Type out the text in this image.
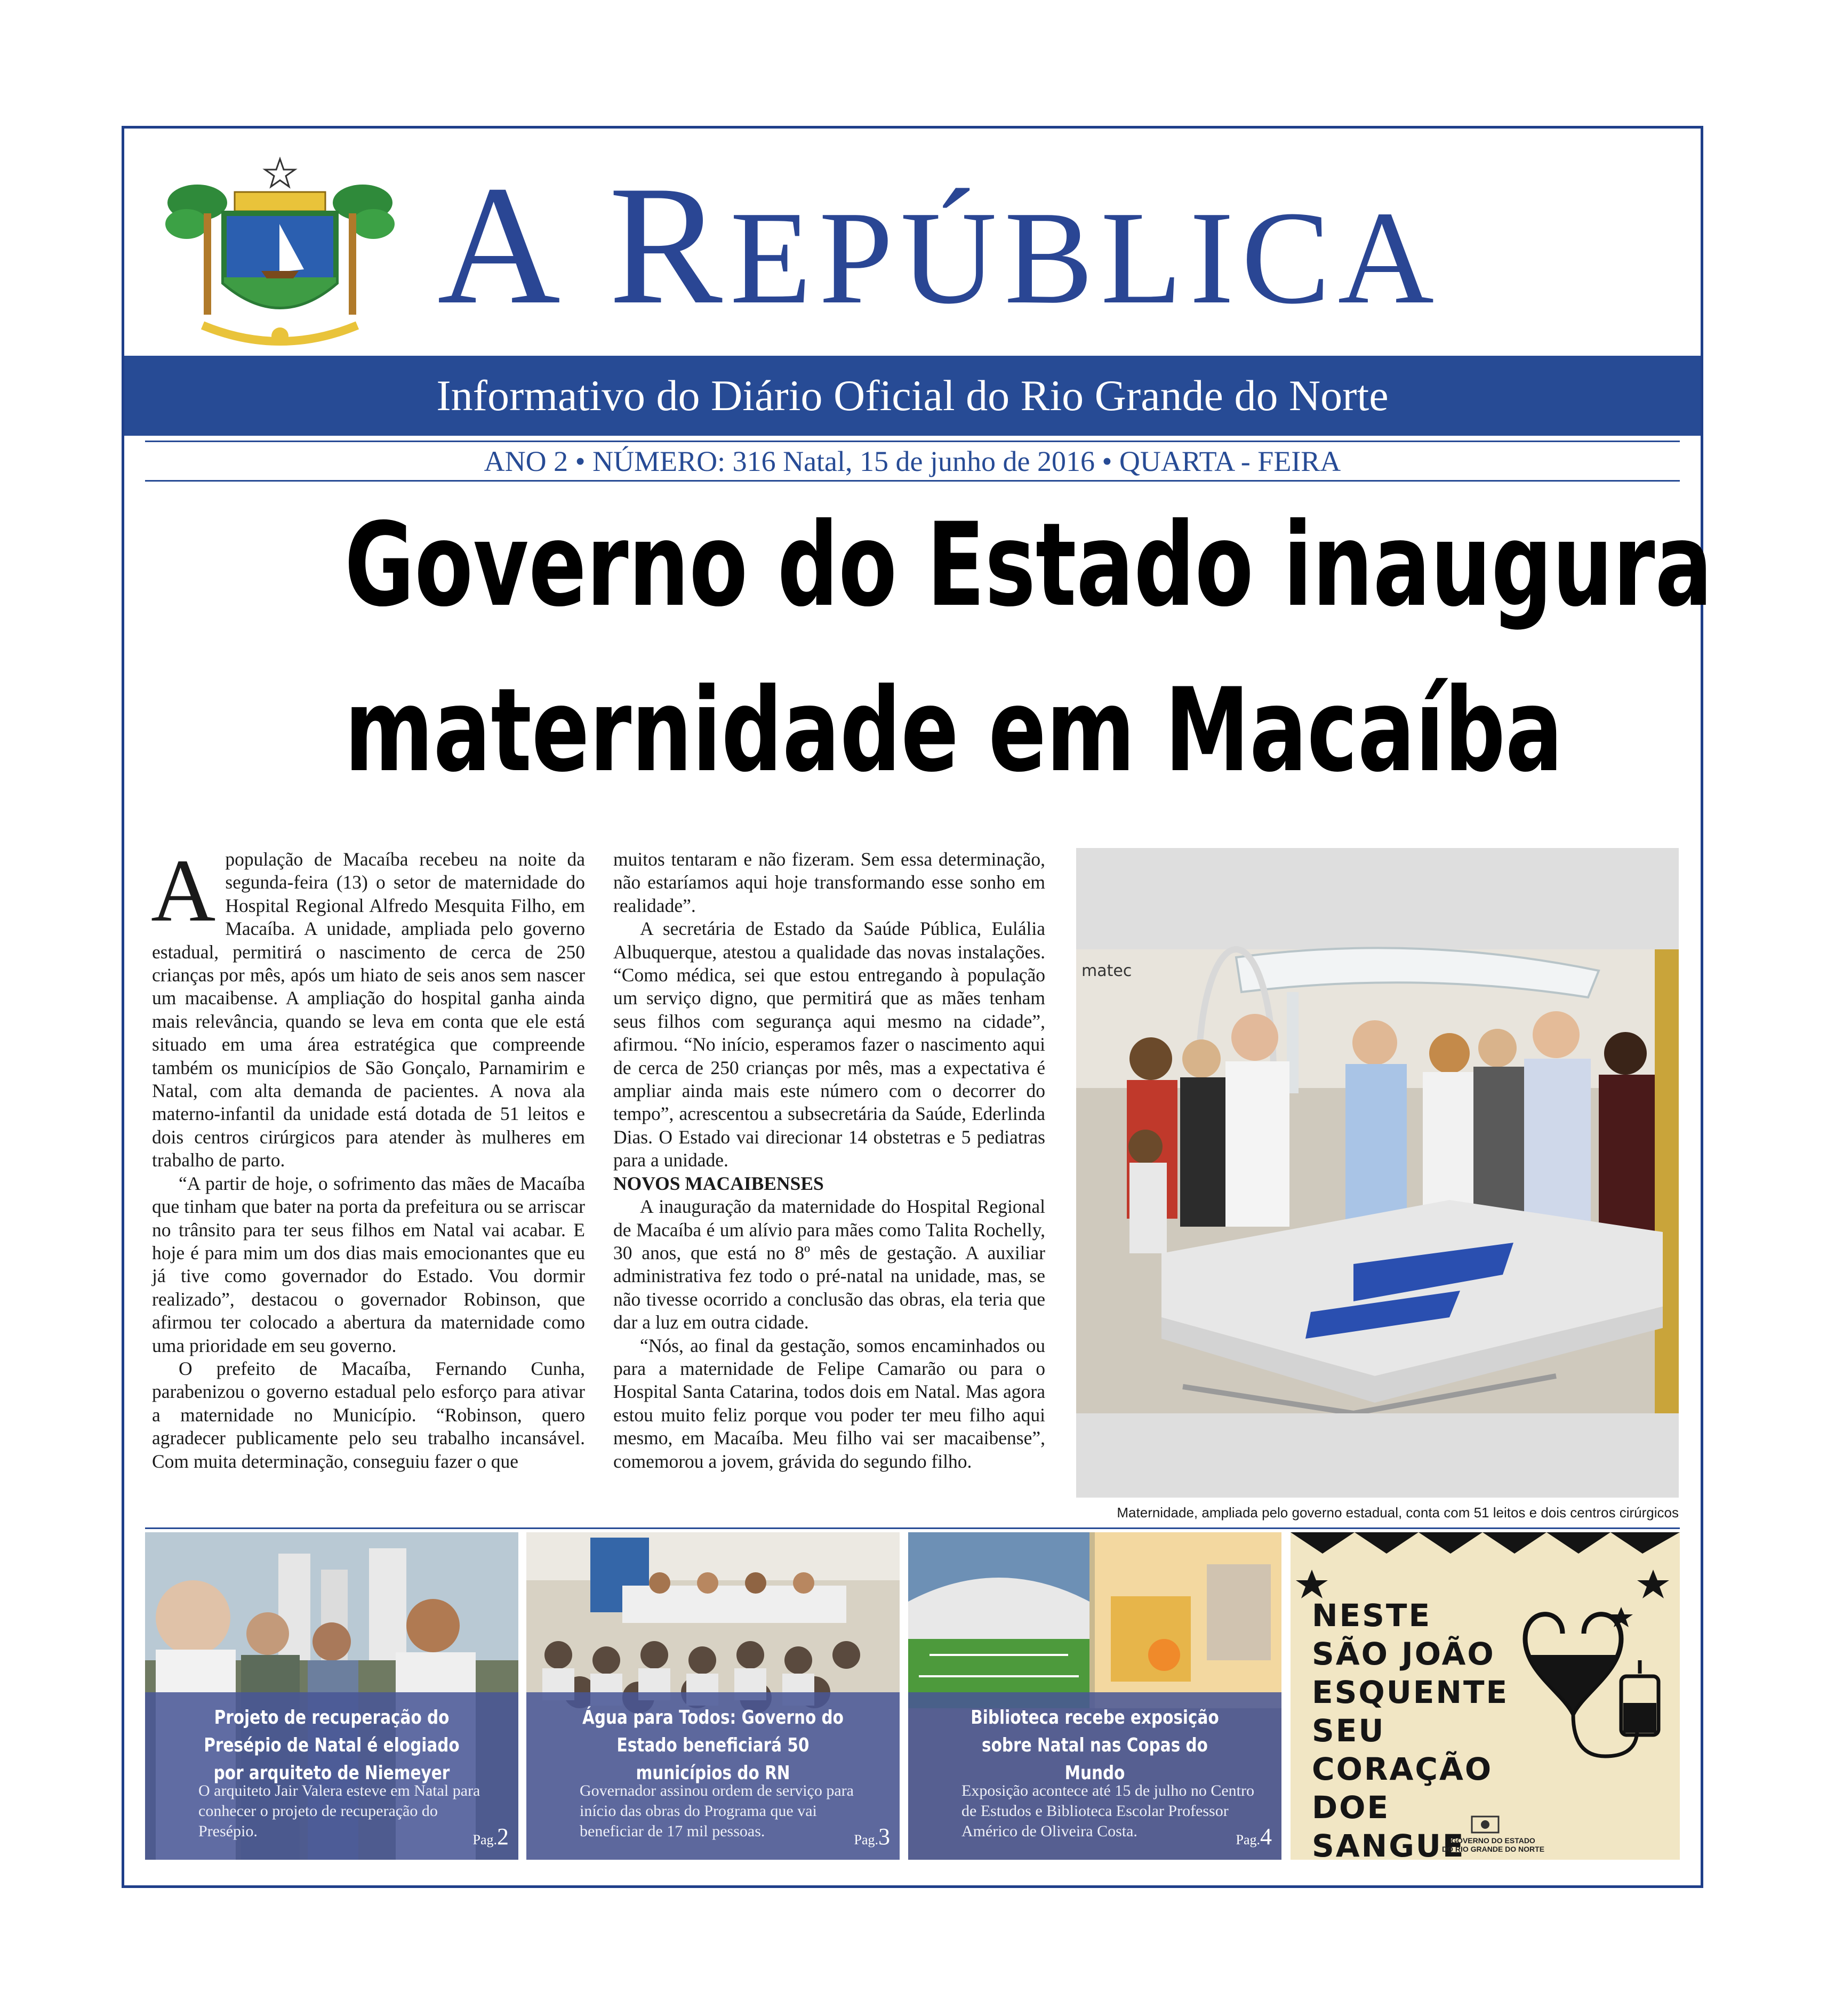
A REPÚBLICA
Informativo do Diário Oficial do Rio Grande do Norte
ANO 2 • NÚMERO: 316 Natal, 15 de junho de 2016 • QUARTA - FEIRA
Governo do Estado inaugura
maternidade em Macaíba

Apopulação de Macaíba recebeu na noite da segunda-feira (13) o setor de maternidade do Hospital Regional Alfredo Mesquita Filho, em Macaíba. A unidade, ampliada pelo governo estadual, permitirá o nascimento de cerca de 250 crianças por mês, após um hiato de seis anos sem nascer um macaibense. A ampliação do hospital ganha ainda mais relevância, quando se leva em conta que ele está situado em uma área estratégica que compreende também os municípios de São Gonçalo, Parnamirim e Natal, com alta demanda de pacientes. A nova ala materno-infantil da unidade está dotada de 51 leitos e dois centros cirúrgicos para atender às mulheres em trabalho de parto.

“A partir de hoje, o sofrimento das mães de Macaíba que tinham que bater na porta da prefeitura ou se arriscar no trânsito para ter seus filhos em Natal vai acabar. E hoje é para mim um dos dias mais emocionantes que eu já tive como governador do Estado. Vou dormir realizado”, destacou o governador Robinson, que afirmou ter colocado a abertura da maternidade como uma prioridade em seu governo.

O prefeito de Macaíba, Fernando Cunha, parabenizou o governo estadual pelo esforço para ativar a maternidade no Município. “Robinson, quero agradecer publicamente pelo seu trabalho incansável. Com muita determinação, conseguiu fazer o que

muitos tentaram e não fizeram. Sem essa determinação, não estaríamos aqui hoje transformando esse sonho em realidade”.

A secretária de Estado da Saúde Pública, Eulália Albuquerque, atestou a qualidade das novas instalações. “Como médica, sei que estou entregando à população um serviço digno, que permitirá que as mães tenham seus filhos com segurança aqui mesmo na cidade”, afirmou. “No início, esperamos fazer o nascimento aqui de cerca de 250 crianças por mês, mas a expectativa é ampliar ainda mais este número com o decorrer do tempo”, acrescentou a subsecretária da Saúde, Ederlinda Dias. O Estado vai direcionar 14 obstetras e 5 pediatras para a unidade.

NOVOS MACAIBENSES

A inauguração da maternidade do Hospital Regional de Macaíba é um alívio para mães como Talita Rochelly, 30 anos, que está no 8º mês de gestação. A auxiliar administrativa fez todo o pré-natal na unidade, mas, se não tivesse ocorrido a conclusão das obras, ela teria que dar a luz em outra cidade.

“Nós, ao final da gestação, somos encaminhados ou para a maternidade de Felipe Camarão ou para o Hospital Santa Catarina, todos dois em Natal. Mas agora estou muito feliz porque vou poder ter meu filho aqui mesmo, em Macaíba. Meu filho vai ser macaibense”, comemorou a jovem, grávida do segundo filho.

matec
Maternidade, ampliada pelo governo estadual, conta com 51 leitos e dois centros cirúrgicos
Projeto de recuperação do Presépio de Natal é elogiado por arquiteto de Niemeyer
O arquiteto Jair Valera esteve em Natal para conhecer o projeto de recuperação do Presépio.	Pag.2
Água para Todos: Governo do Estado beneficiará 50 municípios do RN
Governador assinou ordem de serviço para início das obras do Programa que vai beneficiar de 17 mil pessoas.	Pag.3
Biblioteca recebe exposição sobre Natal nas Copas do Mundo
Exposição acontece até 15 de julho no Centro de Estudos e Biblioteca Escolar Professor Américo de Oliveira Costa.	Pag.4
NESTE
SÃO JOÃO
ESQUENTE
SEU CORAÇÃO
DOE SANGUE
GOVERNO DO ESTADO
DO RIO GRANDE DO NORTE
